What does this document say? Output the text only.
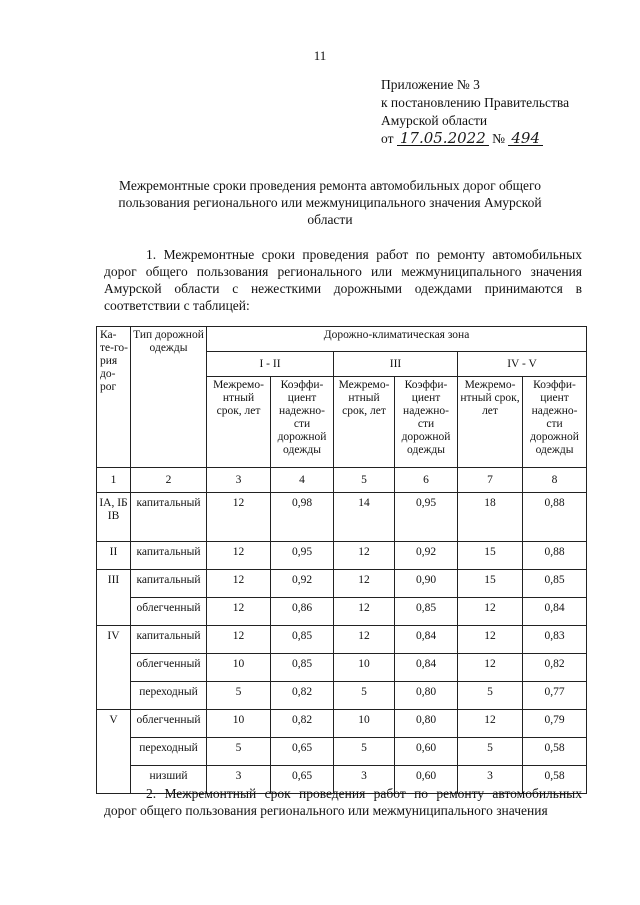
11
Приложение № 3
к постановлению Правительства
Амурской области
от 17.05.2022 № 494
Межремонтные сроки проведения ремонта автомобильных дорог общего пользования регионального или межмуниципального значения Амурской области
1. Межремонтные сроки проведения работ по ремонту автомобильных дорог общего пользования регионального или межмуниципального значения Амурской области с нежесткими дорожными одеждами принимаются в соответствии с таблицей:
Ка-те-го-рия до-рог	Тип дорожной одежды	Дорожно-климатическая зона					
		I - II		III		IV - V	
		Межремо-нтный срок, лет	Коэффи-циент надежно-сти дорожной одежды	Межремо-нтный срок, лет	Коэффи-циент надежно-сти дорожной одежды	Межремо-нтный срок, лет	Коэффи-циент надежно-сти дорожной одежды
1	2	3	4	5	6	7	8
IA, IБ IB	капитальный	12	0,98	14	0,95	18	0,88
II	капитальный	12	0,95	12	0,92	15	0,88
III	капитальный	12	0,92	12	0,90	15	0,85
	облегченный	12	0,86	12	0,85	12	0,84
IV	капитальный	12	0,85	12	0,84	12	0,83
	облегченный	10	0,85	10	0,84	12	0,82
	переходный	5	0,82	5	0,80	5	0,77
V	облегченный	10	0,82	10	0,80	12	0,79
	переходный	5	0,65	5	0,60	5	0,58
	низший	3	0,65	3	0,60	3	0,58
2. Межремонтный срок проведения работ по ремонту автомобильных дорог общего пользования регионального или межмуниципального значения
